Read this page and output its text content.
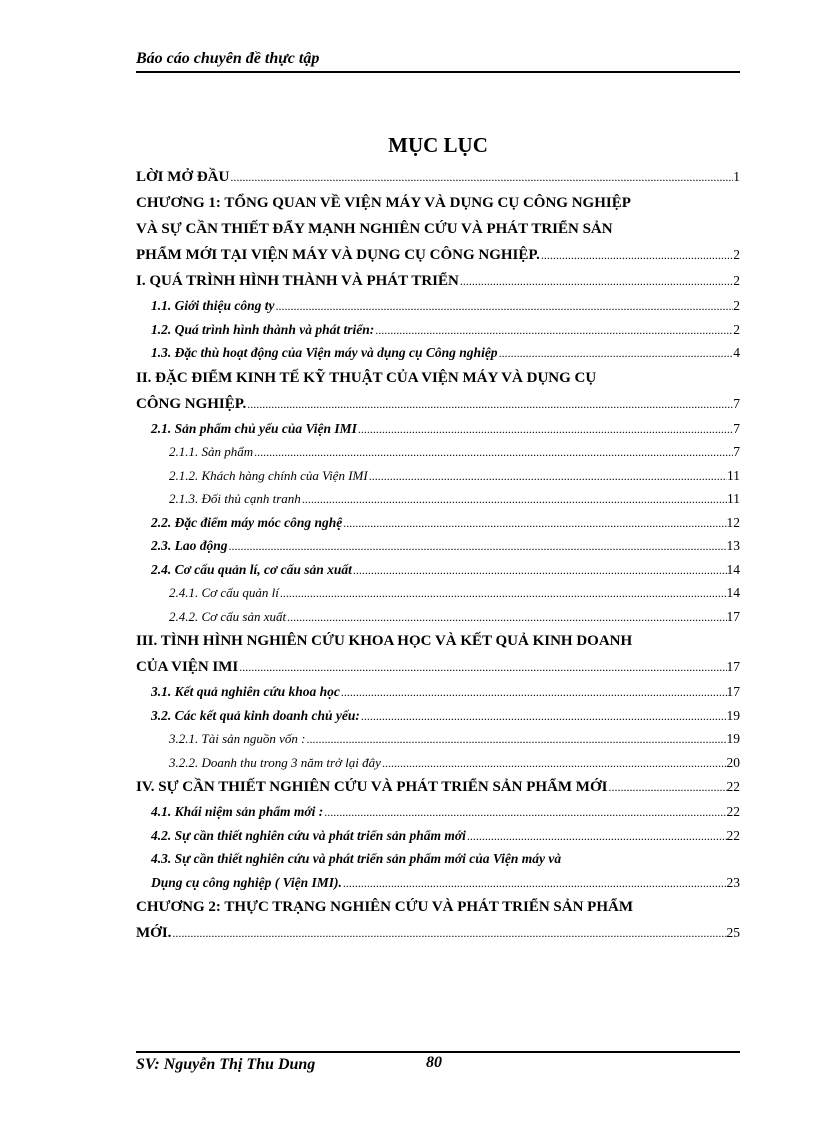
Báo cáo chuyên đề thực tập
MỤC LỤC
LỜI MỞ ĐẦU .....	1
CHƯƠNG 1: TỔNG QUAN VỀ VIỆN MÁY VÀ DỤNG CỤ CÔNG NGHIỆP
VÀ SỰ CẦN THIẾT ĐẨY MẠNH NGHIÊN CỨU VÀ PHÁT TRIỂN SẢN
PHẨM MỚI TẠI VIỆN MÁY VÀ DỤNG CỤ CÔNG NGHIỆP. .....	2
I. QUÁ TRÌNH HÌNH THÀNH VÀ PHÁT TRIỂN .....	2
1.1. Giới thiệu công ty .....	2
1.2. Quá trình hình thành và phát triển: .....	2
1.3. Đặc thù hoạt động của Viện máy và dụng cụ Công nghiệp .....	4
II. ĐẶC ĐIỂM KINH TẾ KỸ THUẬT CỦA VIỆN MÁY VÀ DỤNG CỤ
CÔNG NGHIỆP. .....	7
2.1. Sản phẩm chủ yếu của Viện IMI .....	7
2.1.1. Sản phẩm .....	7
2.1.2. Khách hàng chính của Viện IMI .....	11
2.1.3. Đối thủ cạnh tranh .....	11
2.2. Đặc điểm máy móc công nghệ .....	12
2.3. Lao động .....	13
2.4. Cơ cấu quản lí, cơ cấu sản xuất .....	14
2.4.1. Cơ cấu quản lí .....	14
2.4.2. Cơ cấu sản xuất .....	17
III. TÌNH HÌNH NGHIÊN CỨU KHOA HỌC VÀ KẾT QUẢ KINH DOANH
CỦA VIỆN IMI .....	17
3.1. Kết quả nghiên cứu khoa học .....	17
3.2. Các kết quả kinh doanh chủ yếu: .....	19
3.2.1. Tài sản nguồn vốn : .....	19
3.2.2. Doanh thu trong 3 năm trở lại đây .....	20
IV. SỰ CẦN THIẾT NGHIÊN CỨU VÀ PHÁT TRIỂN SẢN PHẨM MỚI .....	22
4.1. Khái niệm sản phẩm mới : .....	22
4.2. Sự cần thiết nghiên cứu và phát triển sản phẩm mới .....	22
4.3. Sự cần thiết nghiên cứu và phát triển sản phẩm mới của Viện máy và
Dụng cụ công nghiệp ( Viện IMI). .....	23
CHƯƠNG 2: THỰC TRẠNG NGHIÊN CỨU VÀ PHÁT TRIỂN SẢN PHẨM
MỚI. .....	25
SV: Nguyễn Thị Thu Dung	80
